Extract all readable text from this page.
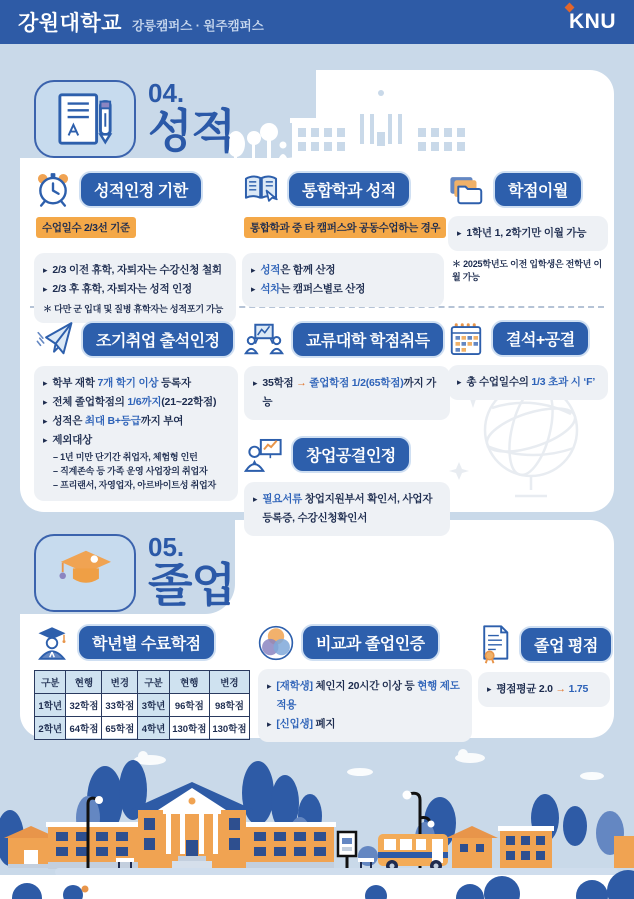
강원대학교 강릉캠퍼스 · 원주캠퍼스	KNU
04.
성적
성적인정 기한
수업일수 2/3선 기준
▸ 2/3 이전 휴학, 자퇴자는 수강신청 철회
▸ 2/3 후 휴학, 자퇴자는 성적 인정
＊ 다만 군 입대 및 질병 휴학자는 성적포기 가능
통합학과 성적
통합학과 중 타 캠퍼스와 공동수업하는 경우
▸ 성적은 함께 산정
▸ 석차는 캠퍼스별로 산정
학점이월
▸ 1학년 1, 2학기만 이월 가능
＊ 2025학년도 이전 입학생은 전학년 이월 가능
조기취업 출석인정
▸ 학부 재학 7개 학기 이상 등록자
▸ 전체 졸업학점의 1/6까지(21~22학점)
▸ 성적은 최대 B+등급까지 부여
▸ 제외대상
– 1년 미만 단기간 취업자, 체험형 인턴
– 직계존속 등 가족 운영 사업장의 취업자
– 프리랜서, 자영업자, 아르바이트성 취업자
교류대학 학점취득
▸ 35학점 → 졸업학점 1/2(65학점)까지 가능
창업공결인정
▸ 필요서류 창업지원부서 확인서, 사업자등록증, 수강신청확인서
결석+공결
▸ 총 수업일수의 1/3 초과 시 ‘F’
05.
졸업
학년별 수료학점
구분	현행	변경	구분	현행	변경
1학년	32학점	33학점	3학년	96학점	98학점
2학년	64학점	65학점	4학년	130학점	130학점
비교과 졸업인증
▸ [재학생] 체인지 20시간 이상 등 현행 제도 적용
▸ [신입생] 폐지
졸업 평점
▸ 평점평균 2.0 → 1.75
